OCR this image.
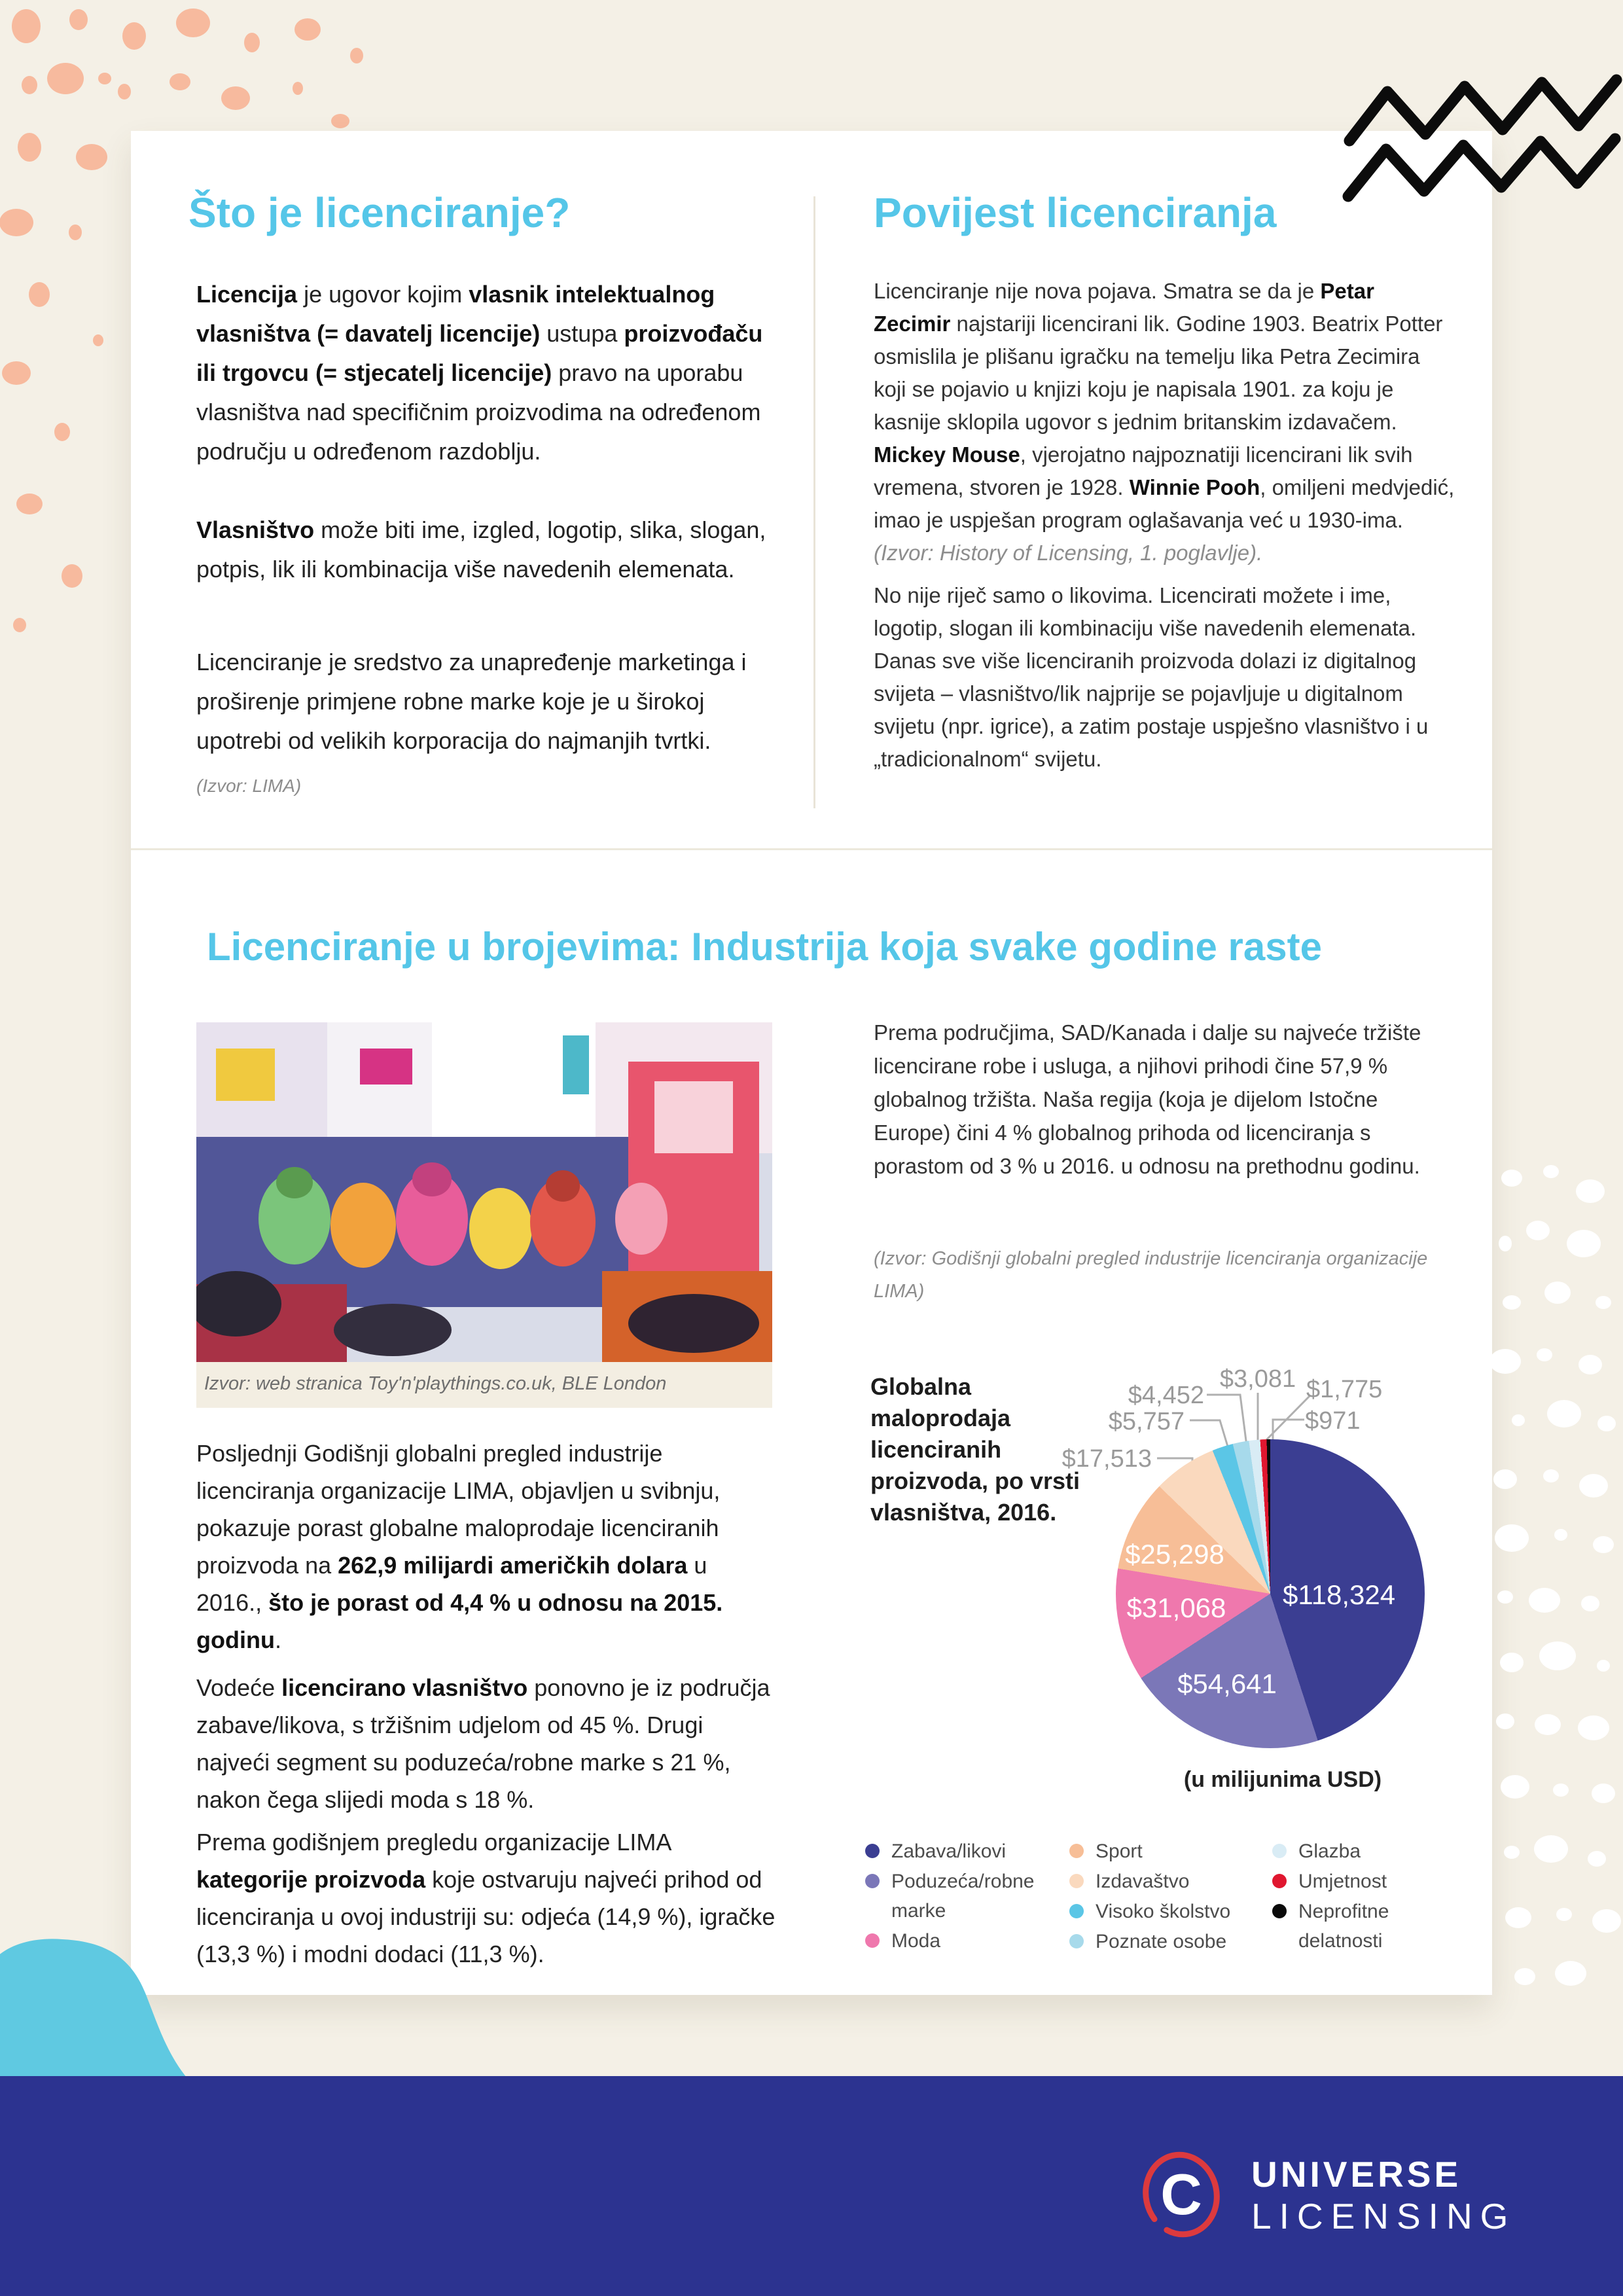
Što je licenciranje?
Licencija je ugovor kojim vlasnik intelektualnog vlasništva (= davatelj licencije) ustupa proizvođaču ili trgovcu (= stjecatelj licencije) pravo na uporabu vlasništva nad specifičnim proizvodima na određenom području u određenom razdoblju.
Vlasništvo može biti ime, izgled, logotip, slika, slogan, potpis, lik ili kombinacija više navedenih elemenata.
Licenciranje je sredstvo za unapređenje marketinga i proširenje primjene robne marke koje je u širokoj upotrebi od velikih korporacija do najmanjih tvrtki.
(Izvor: LIMA)
Povijest licenciranja
Licenciranje nije nova pojava. Smatra se da je Petar Zecimir najstariji licencirani lik. Godine 1903. Beatrix Potter osmislila je plišanu igračku na temelju lika Petra Zecimira koji se pojavio u knjizi koju je napisala 1901. za koju je kasnije sklopila ugovor s jednim britanskim izdavačem. Mickey Mouse, vjerojatno najpoznatiji licencirani lik svih vremena, stvoren je 1928. Winnie Pooh, omiljeni medvjedić, imao je uspješan program oglašavanja već u 1930-ima. (Izvor: History of Licensing, 1. poglavlje).
No nije riječ samo o likovima. Licencirati možete i ime, logotip, slogan ili kombinaciju više navedenih elemenata. Danas sve više licenciranih proizvoda dolazi iz digitalnog svijeta – vlasništvo/lik najprije se pojavljuje u digitalnom svijetu (npr. igrice), a zatim postaje uspješno vlasništvo i u „tradicionalnom“ svijetu.
Licenciranje u brojevima: Industrija koja svake godine raste
Izvor: web stranica Toy'n'playthings.co.uk, BLE London
Posljednji Godišnji globalni pregled industrije licenciranja organizacije LIMA, objavljen u svibnju, pokazuje porast globalne maloprodaje licenciranih proizvoda na 262,9 milijardi američkih dolara u 2016., što je porast od 4,4 % u odnosu na 2015. godinu.
Vodeće licencirano vlasništvo ponovno je iz područja zabave/likova, s tržišnim udjelom od 45 %. Drugi najveći segment su poduzeća/robne marke s 21 %, nakon čega slijedi moda s 18 %.
Prema godišnjem pregledu organizacije LIMA kategorije proizvoda koje ostvaruju najveći prihod od licenciranja u ovoj industriji su: odjeća (14,9 %), igračke (13,3 %) i modni dodaci (11,3 %).
Prema područjima, SAD/Kanada i dalje su najveće tržište licencirane robe i usluga, a njihovi prihodi čine 57,9 % globalnog tržišta. Naša regija (koja je dijelom Istočne Europe) čini 4 % globalnog prihoda od licenciranja s porastom od 3 % u 2016. u odnosu na prethodnu godinu.
(Izvor: Godišnji globalni pregled industrije licenciranja organizacije LIMA)
Globalna maloprodaja licenciranih proizvoda, po vrsti vlasništva, 2016.
$17,513
$5,757
$4,452
$3,081 $1,775
$971
$118,324
$54,641
$31,068
$25,298
(u milijunima USD)
Zabava/likovi
Poduzeća/robne marke
Moda
Sport
Izdavaštvo
Visoko školstvo
Poznate osobe
Glazba
Umjetnost
Neprofitne delatnosti
C	UNIVERSE
LICENSING
